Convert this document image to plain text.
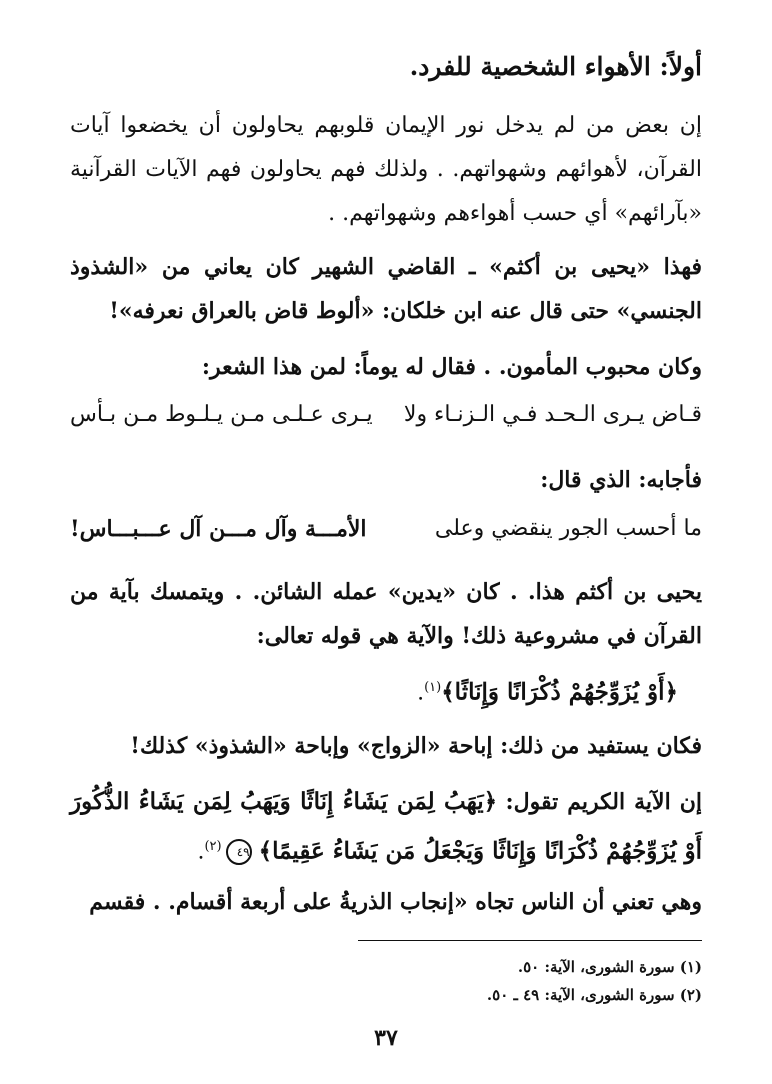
أولاً: الأهواء الشخصية للفرد.
إن بعض من لم يدخل نور الإيمان قلوبهم يحاولون أن يخضعوا آيات القرآن، لأهوائهم وشهواتهم. . ولذلك فهم يحاولون فهم الآيات القرآنية «بآرائهم» أي حسب أهواءهم وشهواتهم. .
فهذا «يحيى بن أكثم» ـ القاضي الشهير كان يعاني من «الشذوذ الجنسي» حتى قال عنه ابن خلكان: «ألوط قاض بالعراق نعرفه»!
وكان محبوب المأمون. . فقال له يوماً: لمن هذا الشعر:
قـاض يـرى الـحـد فـي الـزنـاء ولا
يـرى عـلـى مـن يـلـوط مـن بـأس
فأجابه: الذي قال:
ما أحسب الجور ينقضي وعلى
الأمـــة وآل مـــن آل عـــبـــاس!
يحيى بن أكثم هذا. . كان «يدين» عمله الشائن. . ويتمسك بآية من القرآن في مشروعية ذلك! والآية هي قوله تعالى:
﴿أَوْ يُزَوِّجُهُمْ ذُكْرَانًا وَإِنَاثًا﴾$^{(١)}$.
فكان يستفيد من ذلك: إباحة «الزواج» وإباحة «الشذوذ» كذلك!
إن الآية الكريم تقول: ﴿يَهَبُ لِمَن يَشَاءُ إِنَاثًا وَيَهَبُ لِمَن يَشَاءُ الذُّكُورَ أَوْ يُزَوِّجُهُمْ ذُكْرَانًا وَإِنَاثًا وَيَجْعَلُ مَن يَشَاءُ عَقِيمًا﴾ ٤٩$^{(٢)}$.
وهي تعني أن الناس تجاه «إنجاب الذريةُ على أربعة أقسام. . فقسم
(١) سورة الشورى، الآية: ٥٠.
(٢) سورة الشورى، الآية: ٤٩ ـ ٥٠.
٣٧
